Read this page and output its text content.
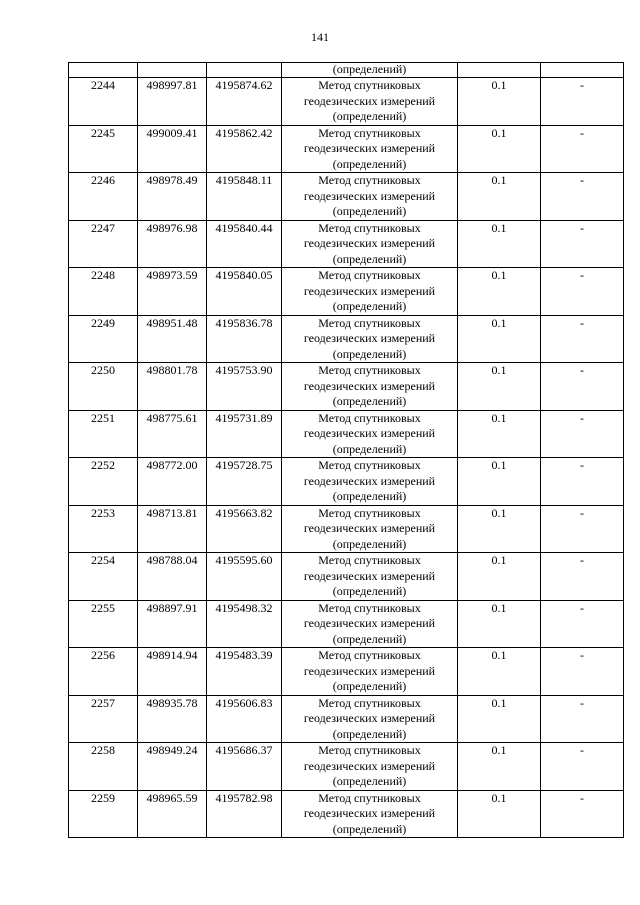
141
			(определений)		
2244	498997.81	4195874.62	Метод спутниковых
геодезических измерений
(определений)	0.1	-
2245	499009.41	4195862.42	Метод спутниковых
геодезических измерений
(определений)	0.1	-
2246	498978.49	4195848.11	Метод спутниковых
геодезических измерений
(определений)	0.1	-
2247	498976.98	4195840.44	Метод спутниковых
геодезических измерений
(определений)	0.1	-
2248	498973.59	4195840.05	Метод спутниковых
геодезических измерений
(определений)	0.1	-
2249	498951.48	4195836.78	Метод спутниковых
геодезических измерений
(определений)	0.1	-
2250	498801.78	4195753.90	Метод спутниковых
геодезических измерений
(определений)	0.1	-
2251	498775.61	4195731.89	Метод спутниковых
геодезических измерений
(определений)	0.1	-
2252	498772.00	4195728.75	Метод спутниковых
геодезических измерений
(определений)	0.1	-
2253	498713.81	4195663.82	Метод спутниковых
геодезических измерений
(определений)	0.1	-
2254	498788.04	4195595.60	Метод спутниковых
геодезических измерений
(определений)	0.1	-
2255	498897.91	4195498.32	Метод спутниковых
геодезических измерений
(определений)	0.1	-
2256	498914.94	4195483.39	Метод спутниковых
геодезических измерений
(определений)	0.1	-
2257	498935.78	4195606.83	Метод спутниковых
геодезических измерений
(определений)	0.1	-
2258	498949.24	4195686.37	Метод спутниковых
геодезических измерений
(определений)	0.1	-
2259	498965.59	4195782.98	Метод спутниковых
геодезических измерений
(определений)	0.1	-
